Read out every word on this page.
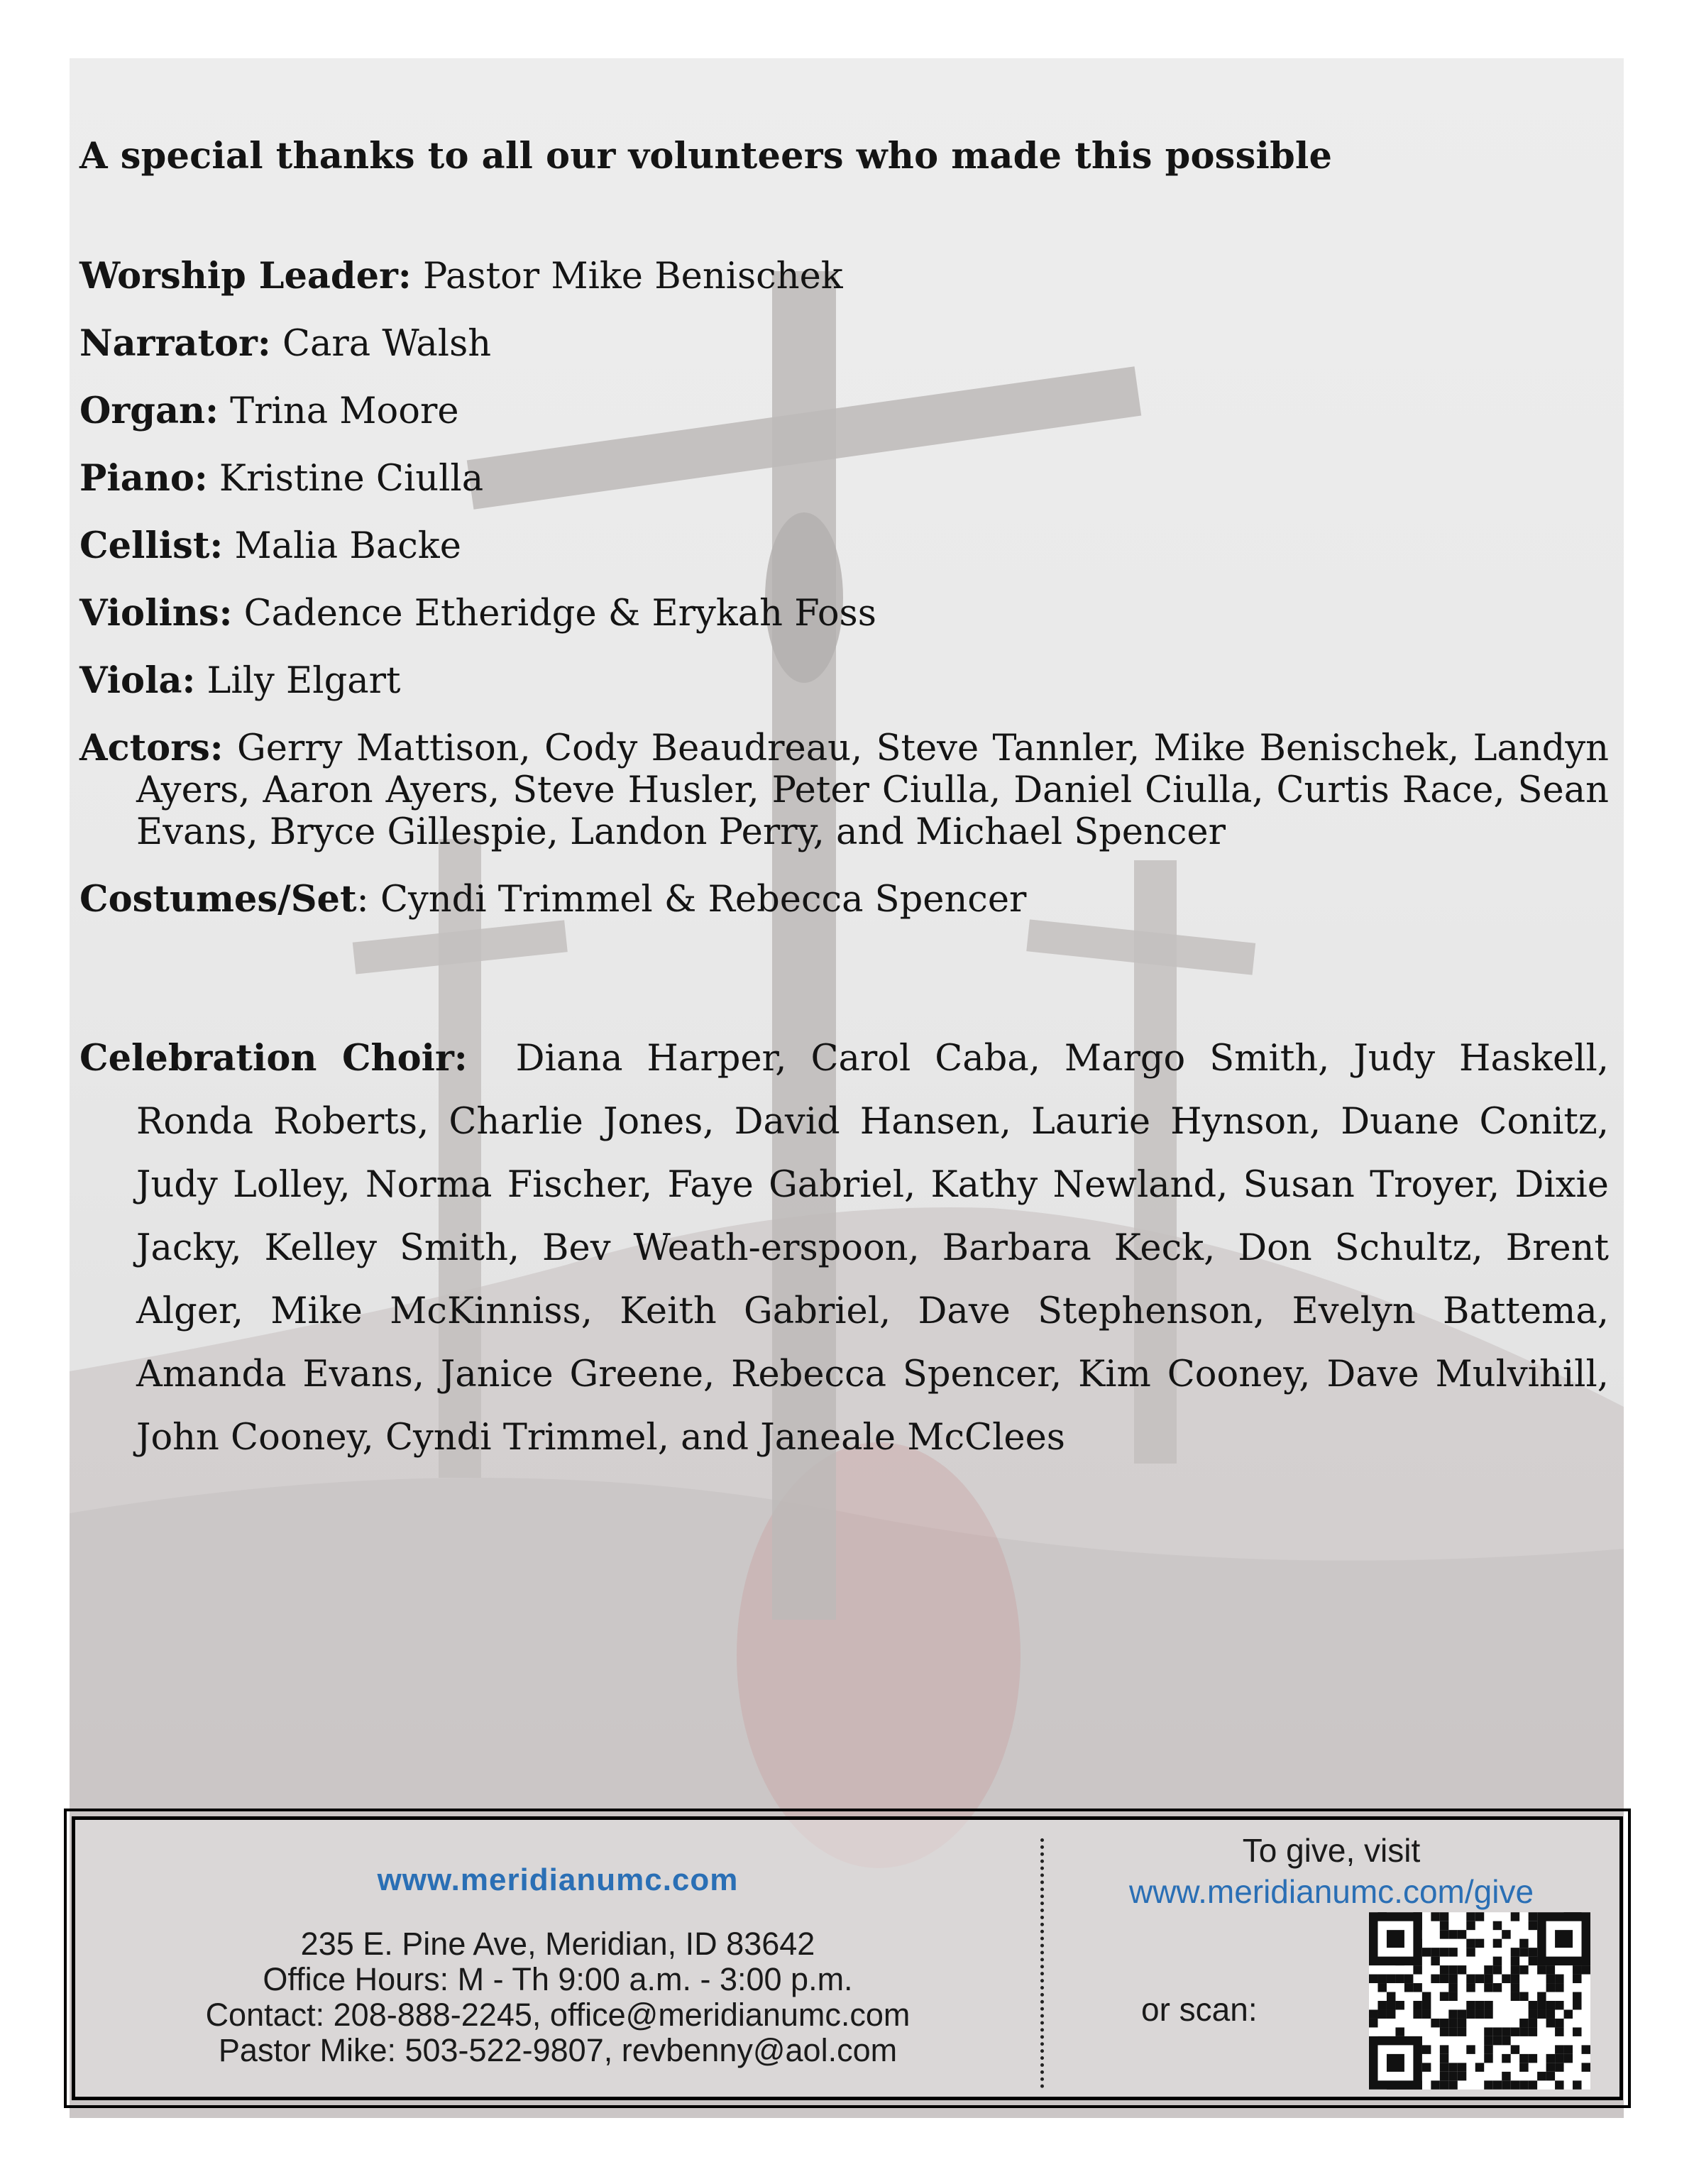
A special thanks to all our volunteers who made this possible
Worship Leader: Pastor Mike Benischek
Narrator: Cara Walsh
Organ: Trina Moore
Piano: Kristine Ciulla
Cellist: Malia Backe
Violins: Cadence Etheridge & Erykah Foss
Viola: Lily Elgart
Actors: Gerry Mattison, Cody Beaudreau, Steve Tannler, Mike Benischek, Landyn Ayers, Aaron Ayers, Steve Husler, Peter Ciulla, Daniel Ciulla, Curtis Race, Sean Evans, Bryce Gillespie, Landon Perry, and Michael Spencer
Costumes/Set: Cyndi Trimmel & Rebecca Spencer
Celebration Choir: Diana Harper, Carol Caba, Margo Smith, Judy Haskell, Ronda Roberts, Charlie Jones, David Hansen, Laurie Hynson, Duane Conitz, Judy Lolley, Norma Fischer, Faye Gabriel, Kathy Newland, Susan Troyer, Dixie Jacky, Kelley Smith, Bev Weath-erspoon, Barbara Keck, Don Schultz, Brent Alger, Mike McKinniss, Keith Gabriel, Dave Stephenson, Evelyn Battema, Amanda Evans, Janice Greene, Rebecca Spencer, Kim Cooney, Dave Mulvihill, John Cooney, Cyndi Trimmel, and Janeale McClees
www.meridianumc.com
235 E. Pine Ave, Meridian, ID 83642
Office Hours: M - Th 9:00 a.m. - 3:00 p.m.
Contact: 208-888-2245, office@meridianumc.com
Pastor Mike: 503-522-9807, revbenny@aol.com
To give, visit
www.meridianumc.com/give
or scan:
